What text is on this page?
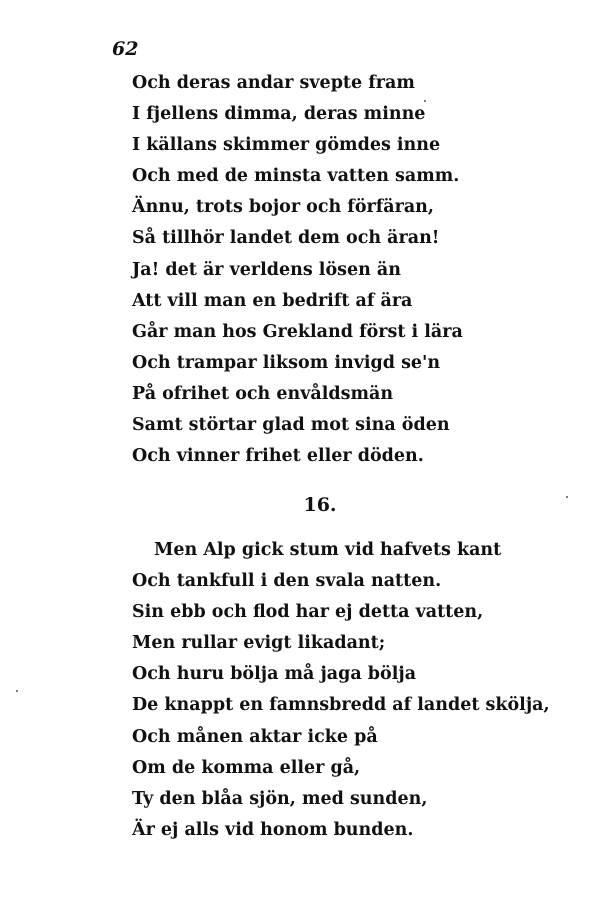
62
Och deras andar svepte fram
I fjellens dimma, deras minne
I källans skimmer gömdes inne
Och med de minsta vatten samm.
Ännu, trots bojor och förfäran,
Så tillhör landet dem och äran!
Ja! det är verldens lösen än
Att vill man en bedrift af ära
Går man hos Grekland först i lära
Och trampar liksom invigd se'n
På ofrihet och envåldsmän
Samt störtar glad mot sina öden
Och vinner frihet eller döden.
16.
Men Alp gick stum vid hafvets kant
Och tankfull i den svala natten.
Sin ebb och flod har ej detta vatten,
Men rullar evigt likadant;
Och huru bölja må jaga bölja
De knappt en famnsbredd af landet skölja,
Och månen aktar icke på
Om de komma eller gå,
Ty den blåa sjön, med sunden,
Är ej alls vid honom bunden.
